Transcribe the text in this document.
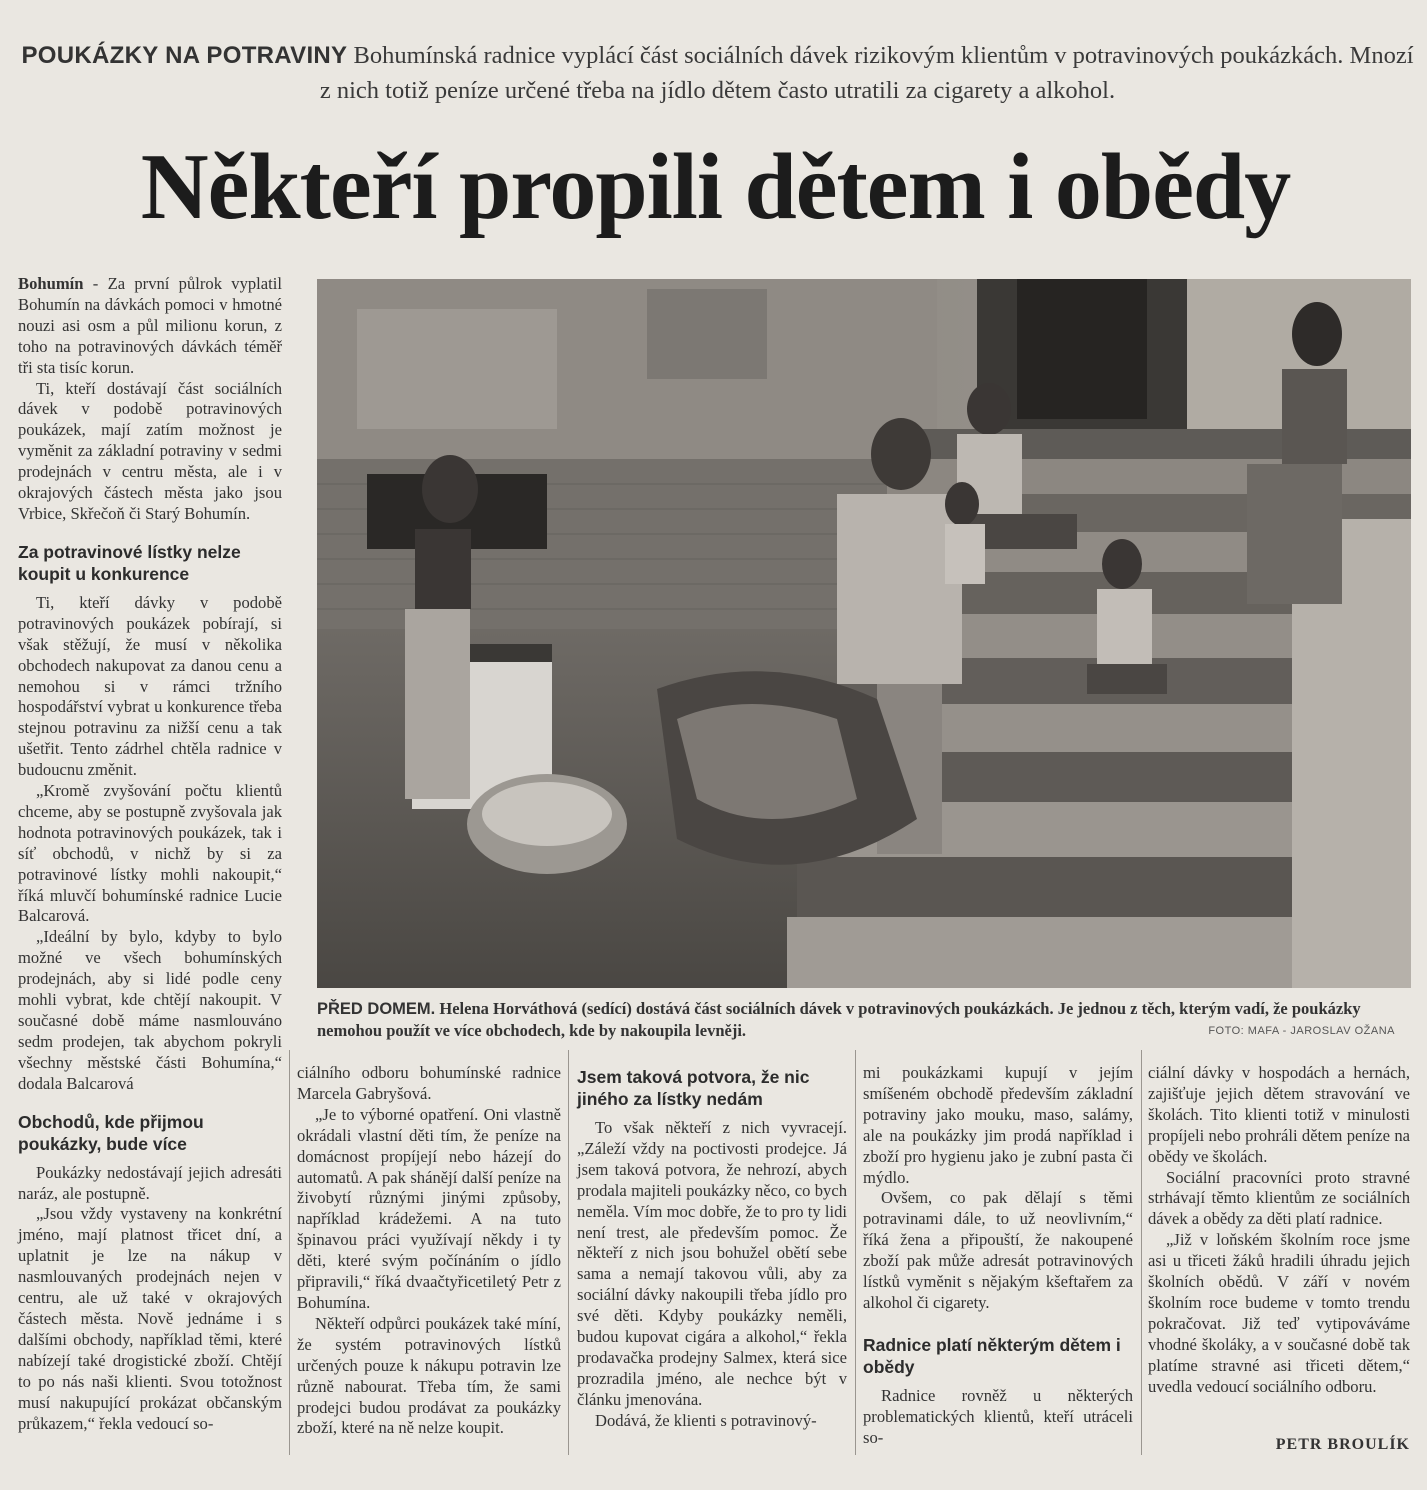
POUKÁZKY NA POTRAVINY Bohumínská radnice vyplácí část sociálních dávek rizikovým klientům v potravinových poukázkách. Mnozí z nich totiž peníze určené třeba na jídlo dětem často utratili za cigarety a alkohol.
Někteří propili dětem i obědy

Bohumín - Za první půlrok vyplatil Bohumín na dávkách pomoci v hmotné nouzi asi osm a půl milionu korun, z toho na potravinových dávkách téměř tři sta tisíc korun.

Ti, kteří dostávají část sociálních dávek v podobě potravinových poukázek, mají zatím možnost je vyměnit za základní potraviny v sedmi prodejnách v centru města, ale i v okrajových částech města jako jsou Vrbice, Skřečoň či Starý Bohumín.

Za potravinové lístky nelze koupit u konkurence

Ti, kteří dávky v podobě potravinových poukázek pobírají, si však stěžují, že musí v několika obchodech nakupovat za danou cenu a nemohou si v rámci tržního hospodářství vybrat u konkurence třeba stejnou potravinu za nižší cenu a tak ušetřit. Tento zádrhel chtěla radnice v budoucnu změnit.

„Kromě zvyšování počtu klientů chceme, aby se postupně zvyšovala jak hodnota potravinových poukázek, tak i síť obchodů, v nichž by si za potravinové lístky mohli nakoupit,“ říká mluvčí bohumínské radnice Lucie Balcarová.

„Ideální by bylo, kdyby to bylo možné ve všech bohumínských prodejnách, aby si lidé podle ceny mohli vybrat, kde chtějí nakoupit. V současné době máme nasmlouváno sedm prodejen, tak abychom pokryli všechny městské části Bohumína,“ dodala Balcarová

Obchodů, kde přijmou poukázky, bude více

Poukázky nedostávají jejich adresáti naráz, ale postupně.

„Jsou vždy vystaveny na konkrétní jméno, mají platnost třicet dní, a uplatnit je lze na nákup v nasmlouvaných prodejnách nejen v centru, ale už také v okrajových částech města. Nově jednáme i s dalšími obchody, například těmi, které nabízejí také drogistické zboží. Chtějí to po nás naši klienti. Svou totožnost musí nakupující prokázat občanským průkazem,“ řekla vedoucí so-

PŘED DOMEM. Helena Horváthová (sedící) dostává část sociálních dávek v potravinových poukázkách. Je jednou z těch, kterým vadí, že poukázky nemohou použít ve více obchodech, kde by nakoupila levněji.	FOTO: MAFA - JAROSLAV OŽANA

ciálního odboru bohumínské radnice Marcela Gabryšová.

„Je to výborné opatření. Oni vlastně okrádali vlastní děti tím, že peníze na domácnost propíjejí nebo házejí do automatů. A pak shánějí další peníze na živobytí různými jinými způsoby, například krádežemi. A na tuto špinavou práci využívají někdy i ty děti, které svým počínáním o jídlo připravili,“ říká dvaačtyřicetiletý Petr z Bohumína.

Někteří odpůrci poukázek také míní, že systém potravinových lístků určených pouze k nákupu potravin lze různě nabourat. Třeba tím, že sami prodejci budou prodávat za poukázky zboží, které na ně nelze koupit.

Jsem taková potvora, že nic jiného za lístky nedám

To však někteří z nich vyvracejí. „Záleží vždy na poctivosti prodejce. Já jsem taková potvora, že nehrozí, abych prodala majiteli poukázky něco, co bych neměla. Vím moc dobře, že to pro ty lidi není trest, ale především pomoc. Že někteří z nich jsou bohužel obětí sebe sama a nemají takovou vůli, aby za sociální dávky nakoupili třeba jídlo pro své děti. Kdyby poukázky neměli, budou kupovat cigára a alkohol,“ řekla prodavačka prodejny Salmex, která sice prozradila jméno, ale nechce být v článku jmenována.

Dodává, že klienti s potravinový-

mi poukázkami kupují v jejím smíšeném obchodě především základní potraviny jako mouku, maso, salámy, ale na poukázky jim prodá například i zboží pro hygienu jako je zubní pasta či mýdlo.

Ovšem, co pak dělají s těmi potravinami dále, to už neovlivním,“ říká žena a připouští, že nakoupené zboží pak může adresát potravinových lístků vyměnit s nějakým kšeftařem za alkohol či cigarety.

Radnice platí některým dětem i obědy

Radnice rovněž u některých problematických klientů, kteří utráceli so-

ciální dávky v hospodách a hernách, zajišťuje jejich dětem stravování ve školách. Tito klienti totiž v minulosti propíjeli nebo prohráli dětem peníze na obědy ve školách.

Sociální pracovníci proto stravné strhávají těmto klientům ze sociálních dávek a obědy za děti platí radnice.

„Již v loňském školním roce jsme asi u třiceti žáků hradili úhradu jejich školních obědů. V září v novém školním roce budeme v tomto trendu pokračovat. Již teď vytipováváme vhodné školáky, a v současné době tak platíme stravné asi třiceti dětem,“ uvedla vedoucí sociálního odboru.

PETR BROULÍK
